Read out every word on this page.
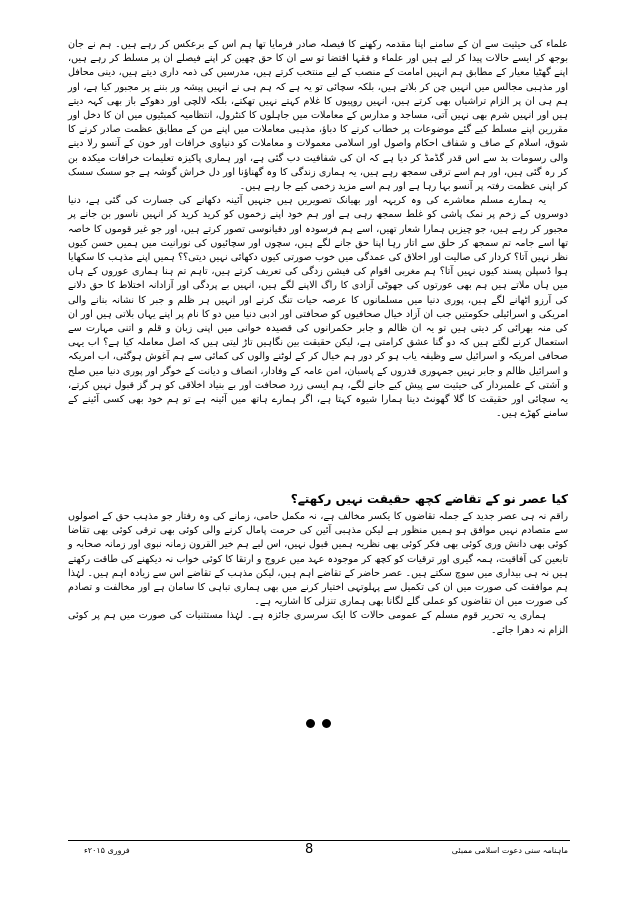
علماء کی حیثیت سے ان کے سامنے اپنا مقدمہ رکھنے کا فیصلہ صادر فرمایا تھا ہم اس کے برعکس کر رہے ہیں۔ ہم نے جان بوجھ کر ایسے حالات پیدا کر لیے ہیں اور علماء و فقہا اقتضا تو سے ان کا حق چھین کر اپنے فیصلے ان پر مسلط کر رہے ہیں، اپنے گھٹیا معیار کے مطابق ہم انہیں امامت کے منصب کے لیے منتخب کرتے ہیں، مدرسیں کی ذمہ داری دیتے ہیں، دینی محافل اور مذہبی مجالس میں انہیں چن کر بلاتے ہیں، بلکہ سچائی تو یہ ہے کہ ہم ہی نے انہیں پیشہ ور بننے پر مجبور کیا ہے، اور ہم ہی ان پر الزام تراشیاں بھی کرتے ہیں، انہیں روپیوں کا غلام کہتے نہیں تھکتے، بلکہ لالچی اور دھوکے باز بھی کہہ دیتے ہیں اور انہیں شرم بھی نہیں آتی، مساجد و مدارس کے معاملات میں جاہلوں کا کنٹرول، انتظامیہ کمیٹیوں میں ان کا دخل اور مقررین اپنے مسلط کیے گئے موضوعات پر خطاب کرنے کا دباؤ، مذہبی معاملات میں اپنے من کے مطابق عظمت صادر کرنے کا شوق، اسلام کے صاف و شفاف احکام واصول اور اسلامی معمولات و معاملات کو دنیاوی خرافات اور خون کے آنسو رلا دینے والی رسومات بد سے اس قدر گڈمڈ کر دیا ہے کہ ان کی شفافیت دب گئی ہے، اور ہماری پاکیزہ تعلیمات خرافات میکدہ بن کر رہ گئی ہیں، اور ہم اسے ترقی سمجھ رہے ہیں، یہ ہماری زندگی کا وہ گھناؤنا اور دل خراش گوشہ ہے جو سسک سسک کر اپنی عظمت رفتہ پر آنسو بہا رہا ہے اور ہم اسے مزید زخمی کیے جا رہے ہیں۔

یہ ہمارے مسلم معاشرے کی وہ کریہہ اور بھیانک تصویریں ہیں جنہیں آئینہ دکھانے کی جسارت کی گئی ہے، دنیا دوسروں کے زخم پر نمک پاشی کو غلط سمجھ رہی ہے اور ہم خود اپنے زخموں کو کرید کرید کر انہیں ناسور بن جانے پر مجبور کر رہے ہیں، جو چیزیں ہمارا شعار تھیں، اسے ہم فرسودہ اور دقیانوسی تصور کرتے ہیں، اور جو غیر قوموں کا خاصہ تھا اسے جامہ تم سمجھ کر حلق سے اتار رہا اپنا حق جانے لگے ہیں، سچوں اور سچائیوں کی نورانیت میں ہمیں حسن کیوں نظر نہیں آتا؟ کردار کی صالیت اور اخلاق کی عمدگی میں خوب صورتی کیوں دکھائی نہیں دیتی؟؟ ہمیں اپنے مذہب کا سکھایا ہوا ڈسپلن پسند کیوں نہیں آتا؟ ہم مغربی اقوام کی فیشن زدگی کی تعریف کرتے ہیں، تاہم تم ہنا ہماری عوروں کے ہاں میں ہاں ملاتے ہیں ہم بھی عورتوں کی جھوٹی آزادی کا راگ الاپنے لگے ہیں، انہیں بے پردگی اور آزادانہ اختلاط کا حق دلانے کی آرزو اٹھانے لگے ہیں، پوری دنیا میں مسلمانوں کا عرصہ حیات تنگ کرنے اور انہیں ہر ظلم و جبر کا نشانہ بنانے والی امریکی و اسرائیلی حکومتیں جب ان آزاد خیال صحافیوں کو صحافتی اور ادبی دنیا میں دو کا نام پر اپنے یہاں بلاتی ہیں اور ان کی منہ بھرائی کر دیتی ہیں تو یہ ان ظالم و جابر حکمرانوں کی قصیدہ خوانی میں اپنی زبان و قلم و اتنی مہارت سے استعمال کرنے لگتے ہیں کہ دو گنا عشق کرامتی ہے، لیکن حقیقت بین نگاہیں تاڑ لیتی ہیں کہ اصل معاملہ کیا ہے؟ اب یہی صحافی امریکہ و اسرائیل سے وظیفہ یاب ہو کر دور ہم خیال کر کے لوٹنے والوں کی کمائی سے ہم آغوش ہوگئی، اب امریکہ و اسرائیل ظالم و جابر نہیں جمہوری قدروں کے پاسبان، امن عامہ کے وفادار، انصاف و دیانت کے خوگر اور پوری دنیا میں صلح و آشتی کے علمبردار کی حیثیت سے پیش کیے جانے لگے، ہم ایسی زرد صحافت اور بے بنیاد اخلاقی کو ہر گز قبول نہیں کرتے، یہ سچائی اور حقیقت کا گلا گھونٹ دینا ہمارا شیوہ کہتا ہے، اگر ہمارے ہاتھ میں آئینہ ہے تو ہم خود بھی کسی آئینے کے سامنے کھڑے ہیں۔

کیا عصر نو کے تقاضے کچھ حقیقت نہیں رکھتے؟

راقم نہ ہی عصر جدید کے جملہ تقاضوں کا یکسر مخالف ہے، نہ مکمل حامی، زمانے کی وہ رفتار جو مذہب حق کے اصولوں سے متصادم نہیں موافق ہو ہمیں منظور ہے لیکن مذہبی آئین کی حرمت پامال کرنے والی کوئی بھی ترقی کوئی بھی تقاضا کوئی بھی دانش وری کوئی بھی فکر کوئی بھی نظریہ ہمیں قبول نہیں، اس لیے ہم خیر القرون زمانہ نبوی اور زمانہ صحابہ و تابعین کی آفاقیت، ہمہ گیری اور ترقیات کو کچھ کر موجودہ عہد میں عروج و ارتقا کا کوئی خواب نہ دیکھنے کی طاقت رکھتے ہیں نہ ہی بیداری میں سوچ سکتے ہیں۔ عصر حاضر کے تقاضے اہم ہیں، لیکن مذہب کے تقاضے اس سے زیادہ اہم ہیں۔ لہٰذا ہم موافقت کی صورت میں ان کی تکمیل سے پہلوتہی اختیار کرنے میں بھی ہماری تباہی کا سامان ہے اور مخالفت و تصادم کی صورت میں ان تقاضوں کو عملی گلے لگانا بھی ہماری تنزلی کا اشاریہ ہے۔

ہماری یہ تحریر قوم مسلم کے عمومی حالات کا ایک سرسری جائزہ ہے۔ لہٰذا مستثنیات کی صورت میں ہم پر کوئی الزام نہ دھرا جائے۔

فروری ۲۰۱۵ء	8	ماہنامہ سنی دعوت اسلامی ممبئی
